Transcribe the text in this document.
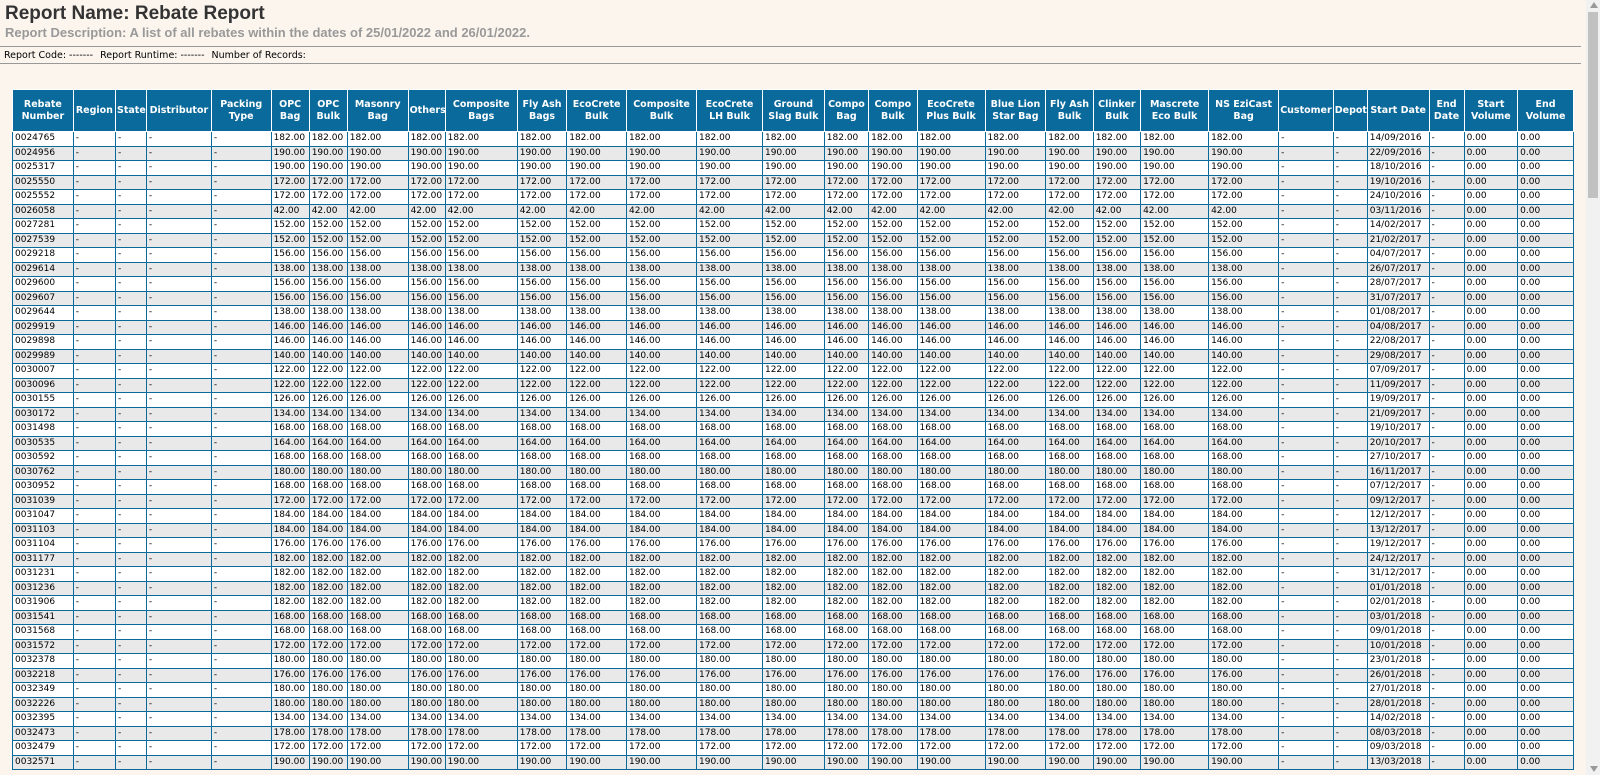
Report Name: Rebate Report
Report Description: A list of all rebates within the dates of 25/01/2022 and 26/01/2022.
Report Code: ------- Report Runtime: ------- Number of Records:
Rebate Number	Region	State	Distributor	Packing Type	OPC Bag	OPC Bulk	Masonry Bag	Others	Composite Bags	Fly Ash Bags	EcoCrete Bulk	Composite Bulk	EcoCrete LH Bulk	Ground Slag Bulk	Compo Bag	Compo Bulk	EcoCrete Plus Bulk	Blue Lion Star Bag	Fly Ash Bulk	Clinker Bulk	Mascrete Eco Bulk	NS EziCast Bag	Customer	Depot	Start Date	End Date	Start Volume	End Volume
0024765	-	-	-	-	182.00	182.00	182.00	182.00	182.00	182.00	182.00	182.00	182.00	182.00	182.00	182.00	182.00	182.00	182.00	182.00	182.00	182.00	-	-	14/09/2016	-	0.00	0.00
0024956	-	-	-	-	190.00	190.00	190.00	190.00	190.00	190.00	190.00	190.00	190.00	190.00	190.00	190.00	190.00	190.00	190.00	190.00	190.00	190.00	-	-	22/09/2016	-	0.00	0.00
0025317	-	-	-	-	190.00	190.00	190.00	190.00	190.00	190.00	190.00	190.00	190.00	190.00	190.00	190.00	190.00	190.00	190.00	190.00	190.00	190.00	-	-	18/10/2016	-	0.00	0.00
0025550	-	-	-	-	172.00	172.00	172.00	172.00	172.00	172.00	172.00	172.00	172.00	172.00	172.00	172.00	172.00	172.00	172.00	172.00	172.00	172.00	-	-	19/10/2016	-	0.00	0.00
0025552	-	-	-	-	172.00	172.00	172.00	172.00	172.00	172.00	172.00	172.00	172.00	172.00	172.00	172.00	172.00	172.00	172.00	172.00	172.00	172.00	-	-	24/10/2016	-	0.00	0.00
0026058	-	-	-	-	42.00	42.00	42.00	42.00	42.00	42.00	42.00	42.00	42.00	42.00	42.00	42.00	42.00	42.00	42.00	42.00	42.00	42.00	-	-	03/11/2016	-	0.00	0.00
0027281	-	-	-	-	152.00	152.00	152.00	152.00	152.00	152.00	152.00	152.00	152.00	152.00	152.00	152.00	152.00	152.00	152.00	152.00	152.00	152.00	-	-	14/02/2017	-	0.00	0.00
0027539	-	-	-	-	152.00	152.00	152.00	152.00	152.00	152.00	152.00	152.00	152.00	152.00	152.00	152.00	152.00	152.00	152.00	152.00	152.00	152.00	-	-	21/02/2017	-	0.00	0.00
0029218	-	-	-	-	156.00	156.00	156.00	156.00	156.00	156.00	156.00	156.00	156.00	156.00	156.00	156.00	156.00	156.00	156.00	156.00	156.00	156.00	-	-	04/07/2017	-	0.00	0.00
0029614	-	-	-	-	138.00	138.00	138.00	138.00	138.00	138.00	138.00	138.00	138.00	138.00	138.00	138.00	138.00	138.00	138.00	138.00	138.00	138.00	-	-	26/07/2017	-	0.00	0.00
0029600	-	-	-	-	156.00	156.00	156.00	156.00	156.00	156.00	156.00	156.00	156.00	156.00	156.00	156.00	156.00	156.00	156.00	156.00	156.00	156.00	-	-	28/07/2017	-	0.00	0.00
0029607	-	-	-	-	156.00	156.00	156.00	156.00	156.00	156.00	156.00	156.00	156.00	156.00	156.00	156.00	156.00	156.00	156.00	156.00	156.00	156.00	-	-	31/07/2017	-	0.00	0.00
0029644	-	-	-	-	138.00	138.00	138.00	138.00	138.00	138.00	138.00	138.00	138.00	138.00	138.00	138.00	138.00	138.00	138.00	138.00	138.00	138.00	-	-	01/08/2017	-	0.00	0.00
0029919	-	-	-	-	146.00	146.00	146.00	146.00	146.00	146.00	146.00	146.00	146.00	146.00	146.00	146.00	146.00	146.00	146.00	146.00	146.00	146.00	-	-	04/08/2017	-	0.00	0.00
0029898	-	-	-	-	146.00	146.00	146.00	146.00	146.00	146.00	146.00	146.00	146.00	146.00	146.00	146.00	146.00	146.00	146.00	146.00	146.00	146.00	-	-	22/08/2017	-	0.00	0.00
0029989	-	-	-	-	140.00	140.00	140.00	140.00	140.00	140.00	140.00	140.00	140.00	140.00	140.00	140.00	140.00	140.00	140.00	140.00	140.00	140.00	-	-	29/08/2017	-	0.00	0.00
0030007	-	-	-	-	122.00	122.00	122.00	122.00	122.00	122.00	122.00	122.00	122.00	122.00	122.00	122.00	122.00	122.00	122.00	122.00	122.00	122.00	-	-	07/09/2017	-	0.00	0.00
0030096	-	-	-	-	122.00	122.00	122.00	122.00	122.00	122.00	122.00	122.00	122.00	122.00	122.00	122.00	122.00	122.00	122.00	122.00	122.00	122.00	-	-	11/09/2017	-	0.00	0.00
0030155	-	-	-	-	126.00	126.00	126.00	126.00	126.00	126.00	126.00	126.00	126.00	126.00	126.00	126.00	126.00	126.00	126.00	126.00	126.00	126.00	-	-	19/09/2017	-	0.00	0.00
0030172	-	-	-	-	134.00	134.00	134.00	134.00	134.00	134.00	134.00	134.00	134.00	134.00	134.00	134.00	134.00	134.00	134.00	134.00	134.00	134.00	-	-	21/09/2017	-	0.00	0.00
0031498	-	-	-	-	168.00	168.00	168.00	168.00	168.00	168.00	168.00	168.00	168.00	168.00	168.00	168.00	168.00	168.00	168.00	168.00	168.00	168.00	-	-	19/10/2017	-	0.00	0.00
0030535	-	-	-	-	164.00	164.00	164.00	164.00	164.00	164.00	164.00	164.00	164.00	164.00	164.00	164.00	164.00	164.00	164.00	164.00	164.00	164.00	-	-	20/10/2017	-	0.00	0.00
0030592	-	-	-	-	168.00	168.00	168.00	168.00	168.00	168.00	168.00	168.00	168.00	168.00	168.00	168.00	168.00	168.00	168.00	168.00	168.00	168.00	-	-	27/10/2017	-	0.00	0.00
0030762	-	-	-	-	180.00	180.00	180.00	180.00	180.00	180.00	180.00	180.00	180.00	180.00	180.00	180.00	180.00	180.00	180.00	180.00	180.00	180.00	-	-	16/11/2017	-	0.00	0.00
0030952	-	-	-	-	168.00	168.00	168.00	168.00	168.00	168.00	168.00	168.00	168.00	168.00	168.00	168.00	168.00	168.00	168.00	168.00	168.00	168.00	-	-	07/12/2017	-	0.00	0.00
0031039	-	-	-	-	172.00	172.00	172.00	172.00	172.00	172.00	172.00	172.00	172.00	172.00	172.00	172.00	172.00	172.00	172.00	172.00	172.00	172.00	-	-	09/12/2017	-	0.00	0.00
0031047	-	-	-	-	184.00	184.00	184.00	184.00	184.00	184.00	184.00	184.00	184.00	184.00	184.00	184.00	184.00	184.00	184.00	184.00	184.00	184.00	-	-	12/12/2017	-	0.00	0.00
0031103	-	-	-	-	184.00	184.00	184.00	184.00	184.00	184.00	184.00	184.00	184.00	184.00	184.00	184.00	184.00	184.00	184.00	184.00	184.00	184.00	-	-	13/12/2017	-	0.00	0.00
0031104	-	-	-	-	176.00	176.00	176.00	176.00	176.00	176.00	176.00	176.00	176.00	176.00	176.00	176.00	176.00	176.00	176.00	176.00	176.00	176.00	-	-	19/12/2017	-	0.00	0.00
0031177	-	-	-	-	182.00	182.00	182.00	182.00	182.00	182.00	182.00	182.00	182.00	182.00	182.00	182.00	182.00	182.00	182.00	182.00	182.00	182.00	-	-	24/12/2017	-	0.00	0.00
0031231	-	-	-	-	182.00	182.00	182.00	182.00	182.00	182.00	182.00	182.00	182.00	182.00	182.00	182.00	182.00	182.00	182.00	182.00	182.00	182.00	-	-	31/12/2017	-	0.00	0.00
0031236	-	-	-	-	182.00	182.00	182.00	182.00	182.00	182.00	182.00	182.00	182.00	182.00	182.00	182.00	182.00	182.00	182.00	182.00	182.00	182.00	-	-	01/01/2018	-	0.00	0.00
0031906	-	-	-	-	182.00	182.00	182.00	182.00	182.00	182.00	182.00	182.00	182.00	182.00	182.00	182.00	182.00	182.00	182.00	182.00	182.00	182.00	-	-	02/01/2018	-	0.00	0.00
0031541	-	-	-	-	168.00	168.00	168.00	168.00	168.00	168.00	168.00	168.00	168.00	168.00	168.00	168.00	168.00	168.00	168.00	168.00	168.00	168.00	-	-	03/01/2018	-	0.00	0.00
0031568	-	-	-	-	168.00	168.00	168.00	168.00	168.00	168.00	168.00	168.00	168.00	168.00	168.00	168.00	168.00	168.00	168.00	168.00	168.00	168.00	-	-	09/01/2018	-	0.00	0.00
0031572	-	-	-	-	172.00	172.00	172.00	172.00	172.00	172.00	172.00	172.00	172.00	172.00	172.00	172.00	172.00	172.00	172.00	172.00	172.00	172.00	-	-	10/01/2018	-	0.00	0.00
0032378	-	-	-	-	180.00	180.00	180.00	180.00	180.00	180.00	180.00	180.00	180.00	180.00	180.00	180.00	180.00	180.00	180.00	180.00	180.00	180.00	-	-	23/01/2018	-	0.00	0.00
0032218	-	-	-	-	176.00	176.00	176.00	176.00	176.00	176.00	176.00	176.00	176.00	176.00	176.00	176.00	176.00	176.00	176.00	176.00	176.00	176.00	-	-	26/01/2018	-	0.00	0.00
0032349	-	-	-	-	180.00	180.00	180.00	180.00	180.00	180.00	180.00	180.00	180.00	180.00	180.00	180.00	180.00	180.00	180.00	180.00	180.00	180.00	-	-	27/01/2018	-	0.00	0.00
0032226	-	-	-	-	180.00	180.00	180.00	180.00	180.00	180.00	180.00	180.00	180.00	180.00	180.00	180.00	180.00	180.00	180.00	180.00	180.00	180.00	-	-	28/01/2018	-	0.00	0.00
0032395	-	-	-	-	134.00	134.00	134.00	134.00	134.00	134.00	134.00	134.00	134.00	134.00	134.00	134.00	134.00	134.00	134.00	134.00	134.00	134.00	-	-	14/02/2018	-	0.00	0.00
0032473	-	-	-	-	178.00	178.00	178.00	178.00	178.00	178.00	178.00	178.00	178.00	178.00	178.00	178.00	178.00	178.00	178.00	178.00	178.00	178.00	-	-	08/03/2018	-	0.00	0.00
0032479	-	-	-	-	172.00	172.00	172.00	172.00	172.00	172.00	172.00	172.00	172.00	172.00	172.00	172.00	172.00	172.00	172.00	172.00	172.00	172.00	-	-	09/03/2018	-	0.00	0.00
0032571	-	-	-	-	190.00	190.00	190.00	190.00	190.00	190.00	190.00	190.00	190.00	190.00	190.00	190.00	190.00	190.00	190.00	190.00	190.00	190.00	-	-	13/03/2018	-	0.00	0.00
